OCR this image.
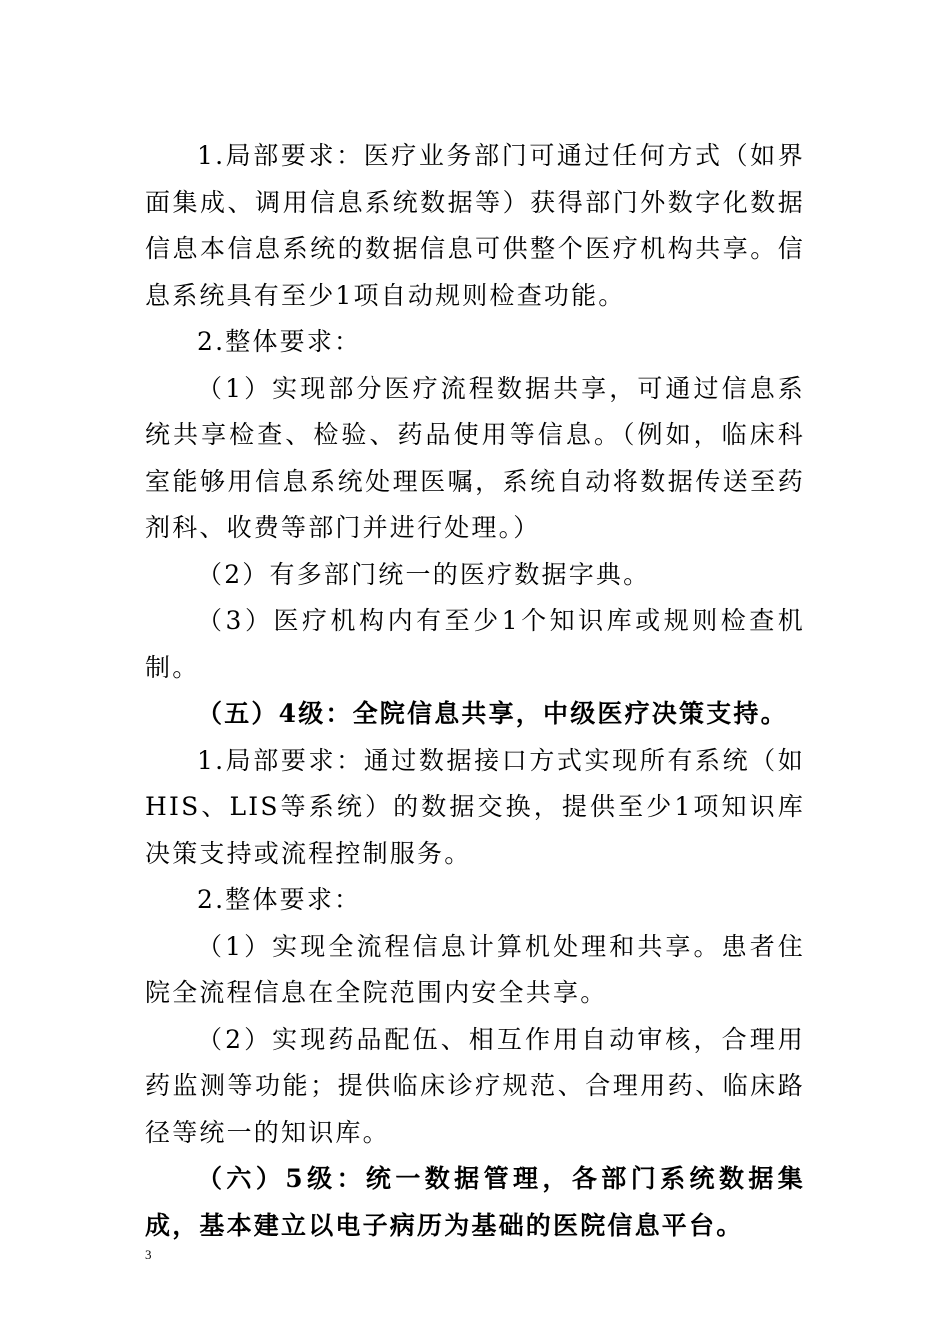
1.局部要求：医疗业务部门可通过任何方式（如界面集成、调用信息系统数据等）获得部门外数字化数据信息本信息系统的数据信息可供整个医疗机构共享。信息系统具有至少1项自动规则检查功能。

2.整体要求：

（1）实现部分医疗流程数据共享，可通过信息系统共享检查、检验、药品使用等信息。（例如，临床科室能够用信息系统处理医嘱，系统自动将数据传送至药剂科、收费等部门并进行处理。）

（2）有多部门统一的医疗数据字典。

（3）医疗机构内有至少1个知识库或规则检查机制。

（五）4级：全院信息共享，中级医疗决策支持。

1.局部要求：通过数据接口方式实现所有系统（如HIS、LIS等系统）的数据交换，提供至少1项知识库决策支持或流程控制服务。

2.整体要求：

（1）实现全流程信息计算机处理和共享。患者住院全流程信息在全院范围内安全共享。

（2）实现药品配伍、相互作用自动审核，合理用药监测等功能；提供临床诊疗规范、合理用药、临床路径等统一的知识库。

（六）5级：统一数据管理，各部门系统数据集成，基本建立以电子病历为基础的医院信息平台。

3
